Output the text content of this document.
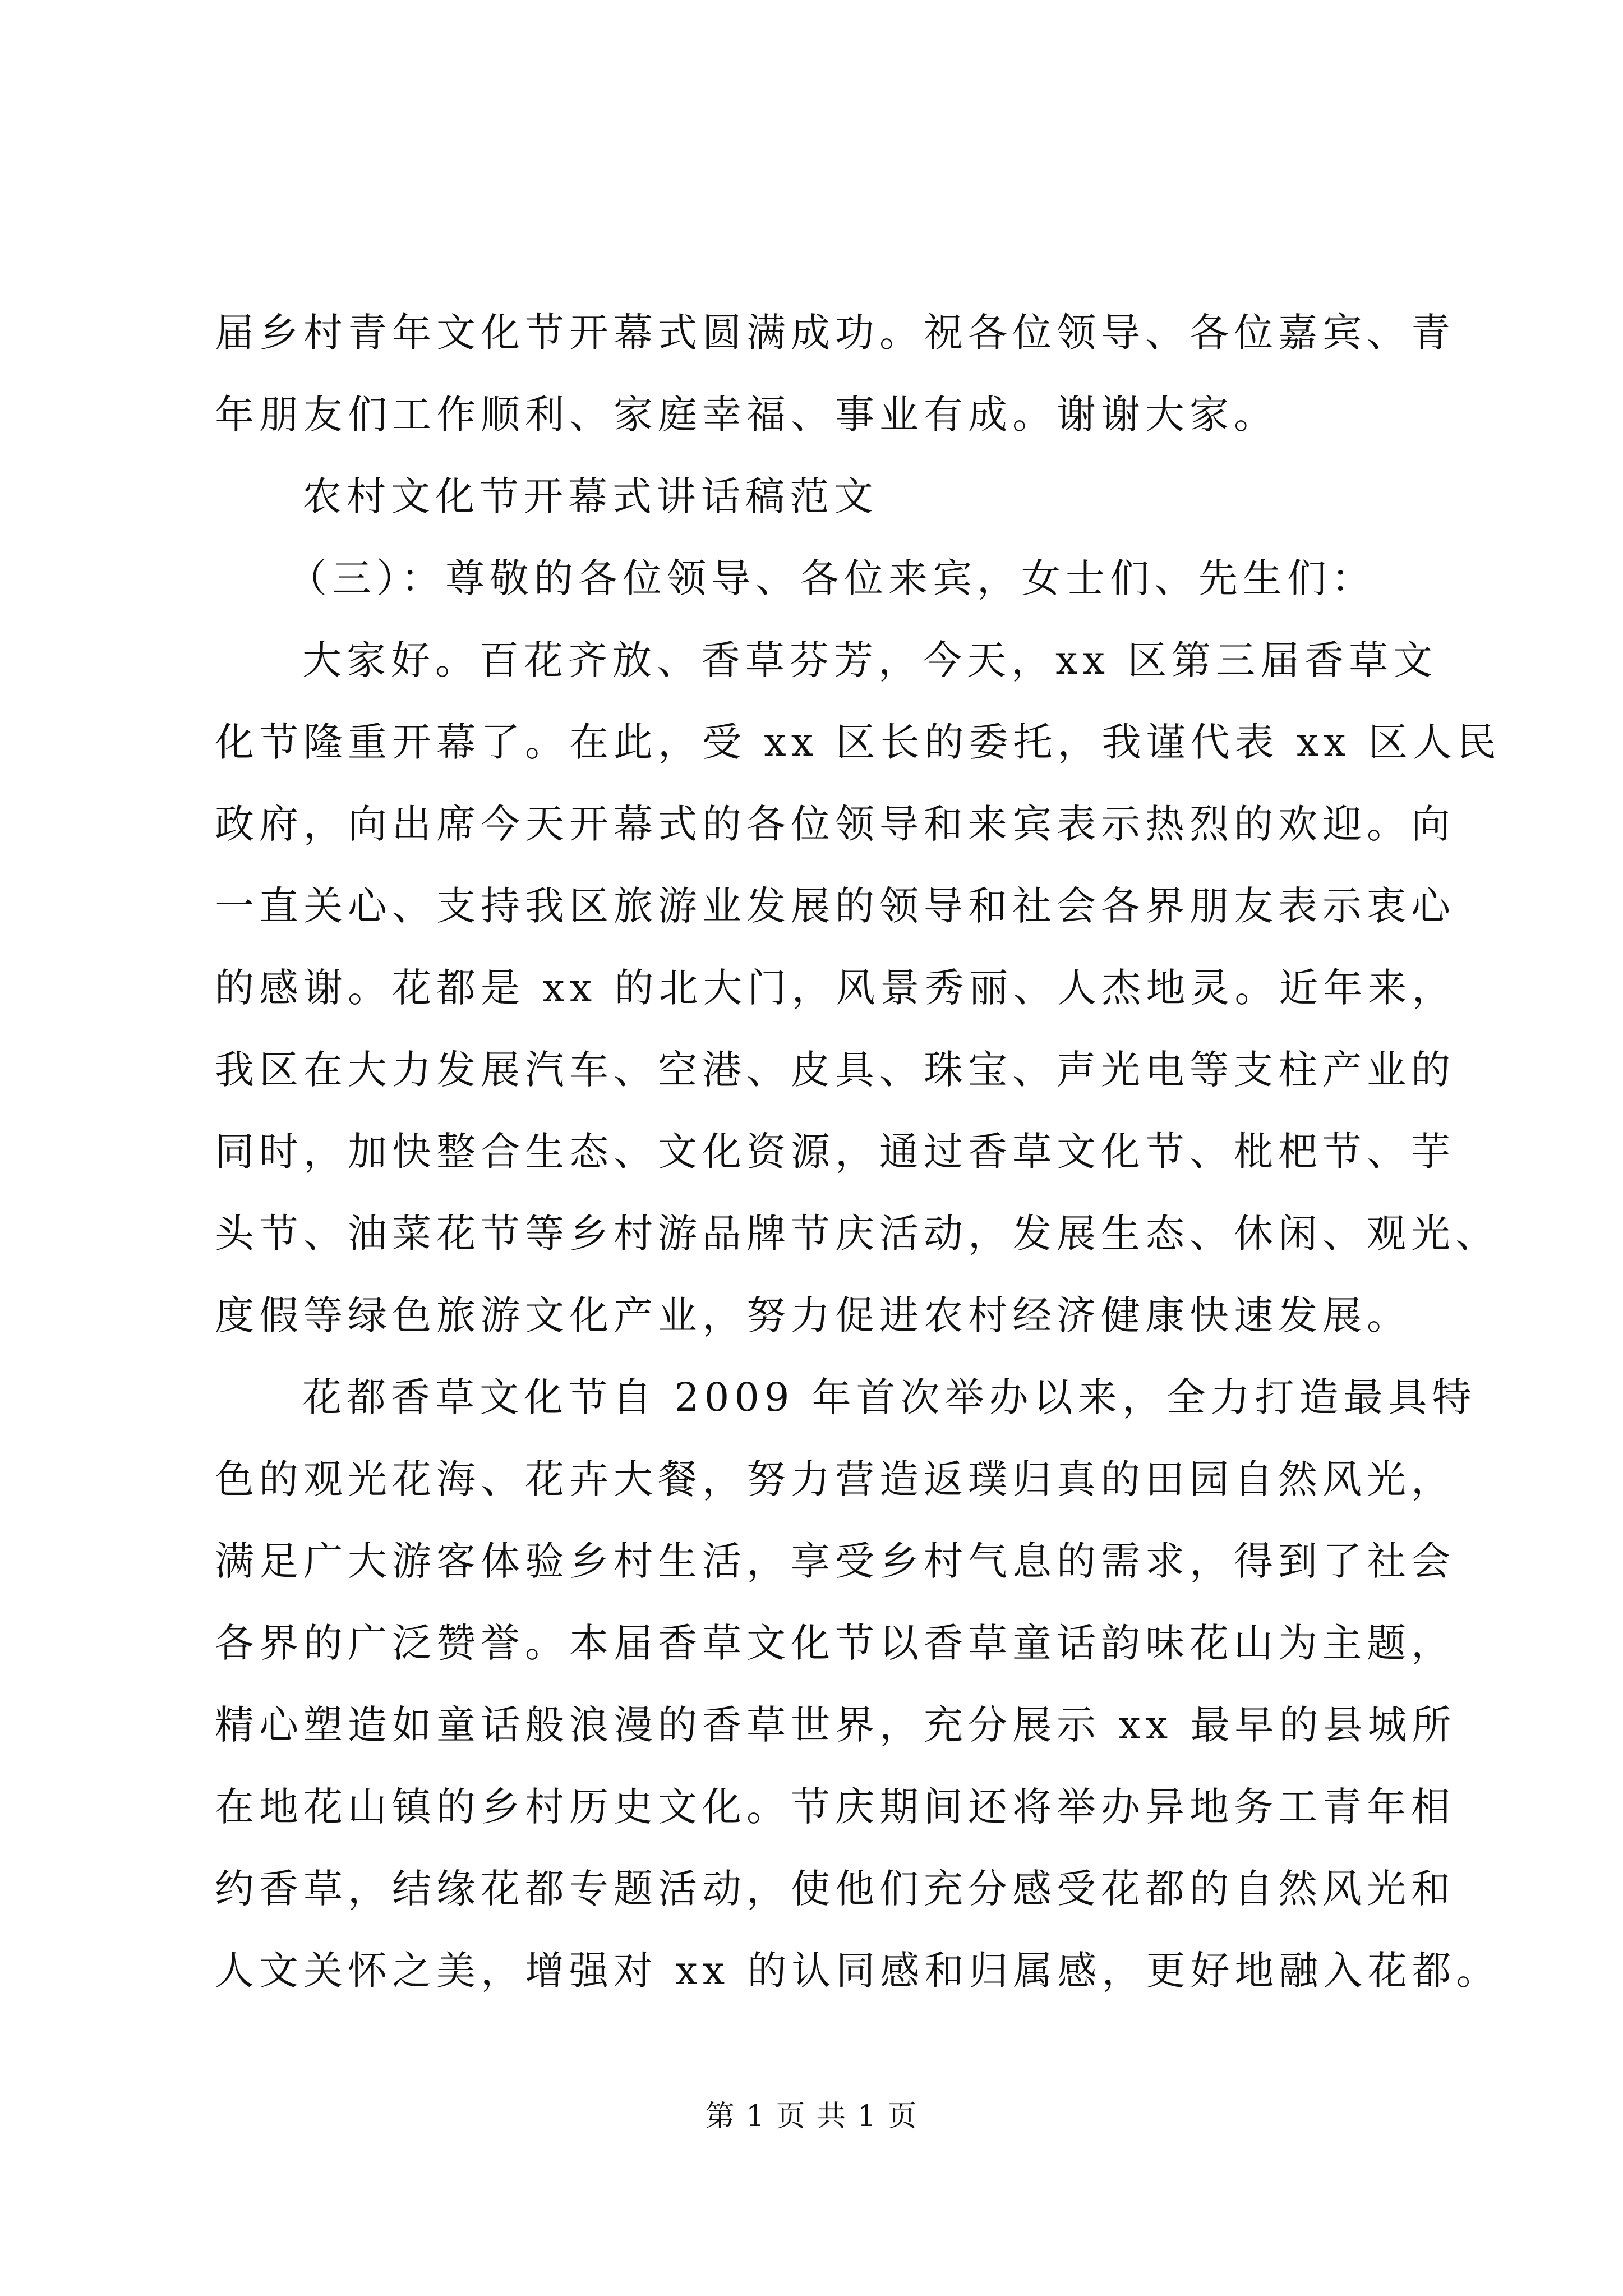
届乡村青年文化节开幕式圆满成功。祝各位领导、各位嘉宾、青
年朋友们工作顺利、家庭幸福、事业有成。谢谢大家。
农村文化节开幕式讲话稿范文
（三）：尊敬的各位领导、各位来宾，女士们、先生们：
大家好。百花齐放、香草芬芳，今天，xx 区第三届香草文
化节隆重开幕了。在此，受 xx 区长的委托，我谨代表 xx 区人民
政府，向出席今天开幕式的各位领导和来宾表示热烈的欢迎。向
一直关心、支持我区旅游业发展的领导和社会各界朋友表示衷心
的感谢。花都是 xx 的北大门，风景秀丽、人杰地灵。近年来，
我区在大力发展汽车、空港、皮具、珠宝、声光电等支柱产业的
同时，加快整合生态、文化资源，通过香草文化节、枇杷节、芋
头节、油菜花节等乡村游品牌节庆活动，发展生态、休闲、观光、
度假等绿色旅游文化产业，努力促进农村经济健康快速发展。
花都香草文化节自 2009 年首次举办以来，全力打造最具特
色的观光花海、花卉大餐，努力营造返璞归真的田园自然风光，
满足广大游客体验乡村生活，享受乡村气息的需求，得到了社会
各界的广泛赞誉。本届香草文化节以香草童话韵味花山为主题，
精心塑造如童话般浪漫的香草世界，充分展示 xx 最早的县城所
在地花山镇的乡村历史文化。节庆期间还将举办异地务工青年相
约香草，结缘花都专题活动，使他们充分感受花都的自然风光和
人文关怀之美，增强对 xx 的认同感和归属感，更好地融入花都。
第 1 页 共 1 页
